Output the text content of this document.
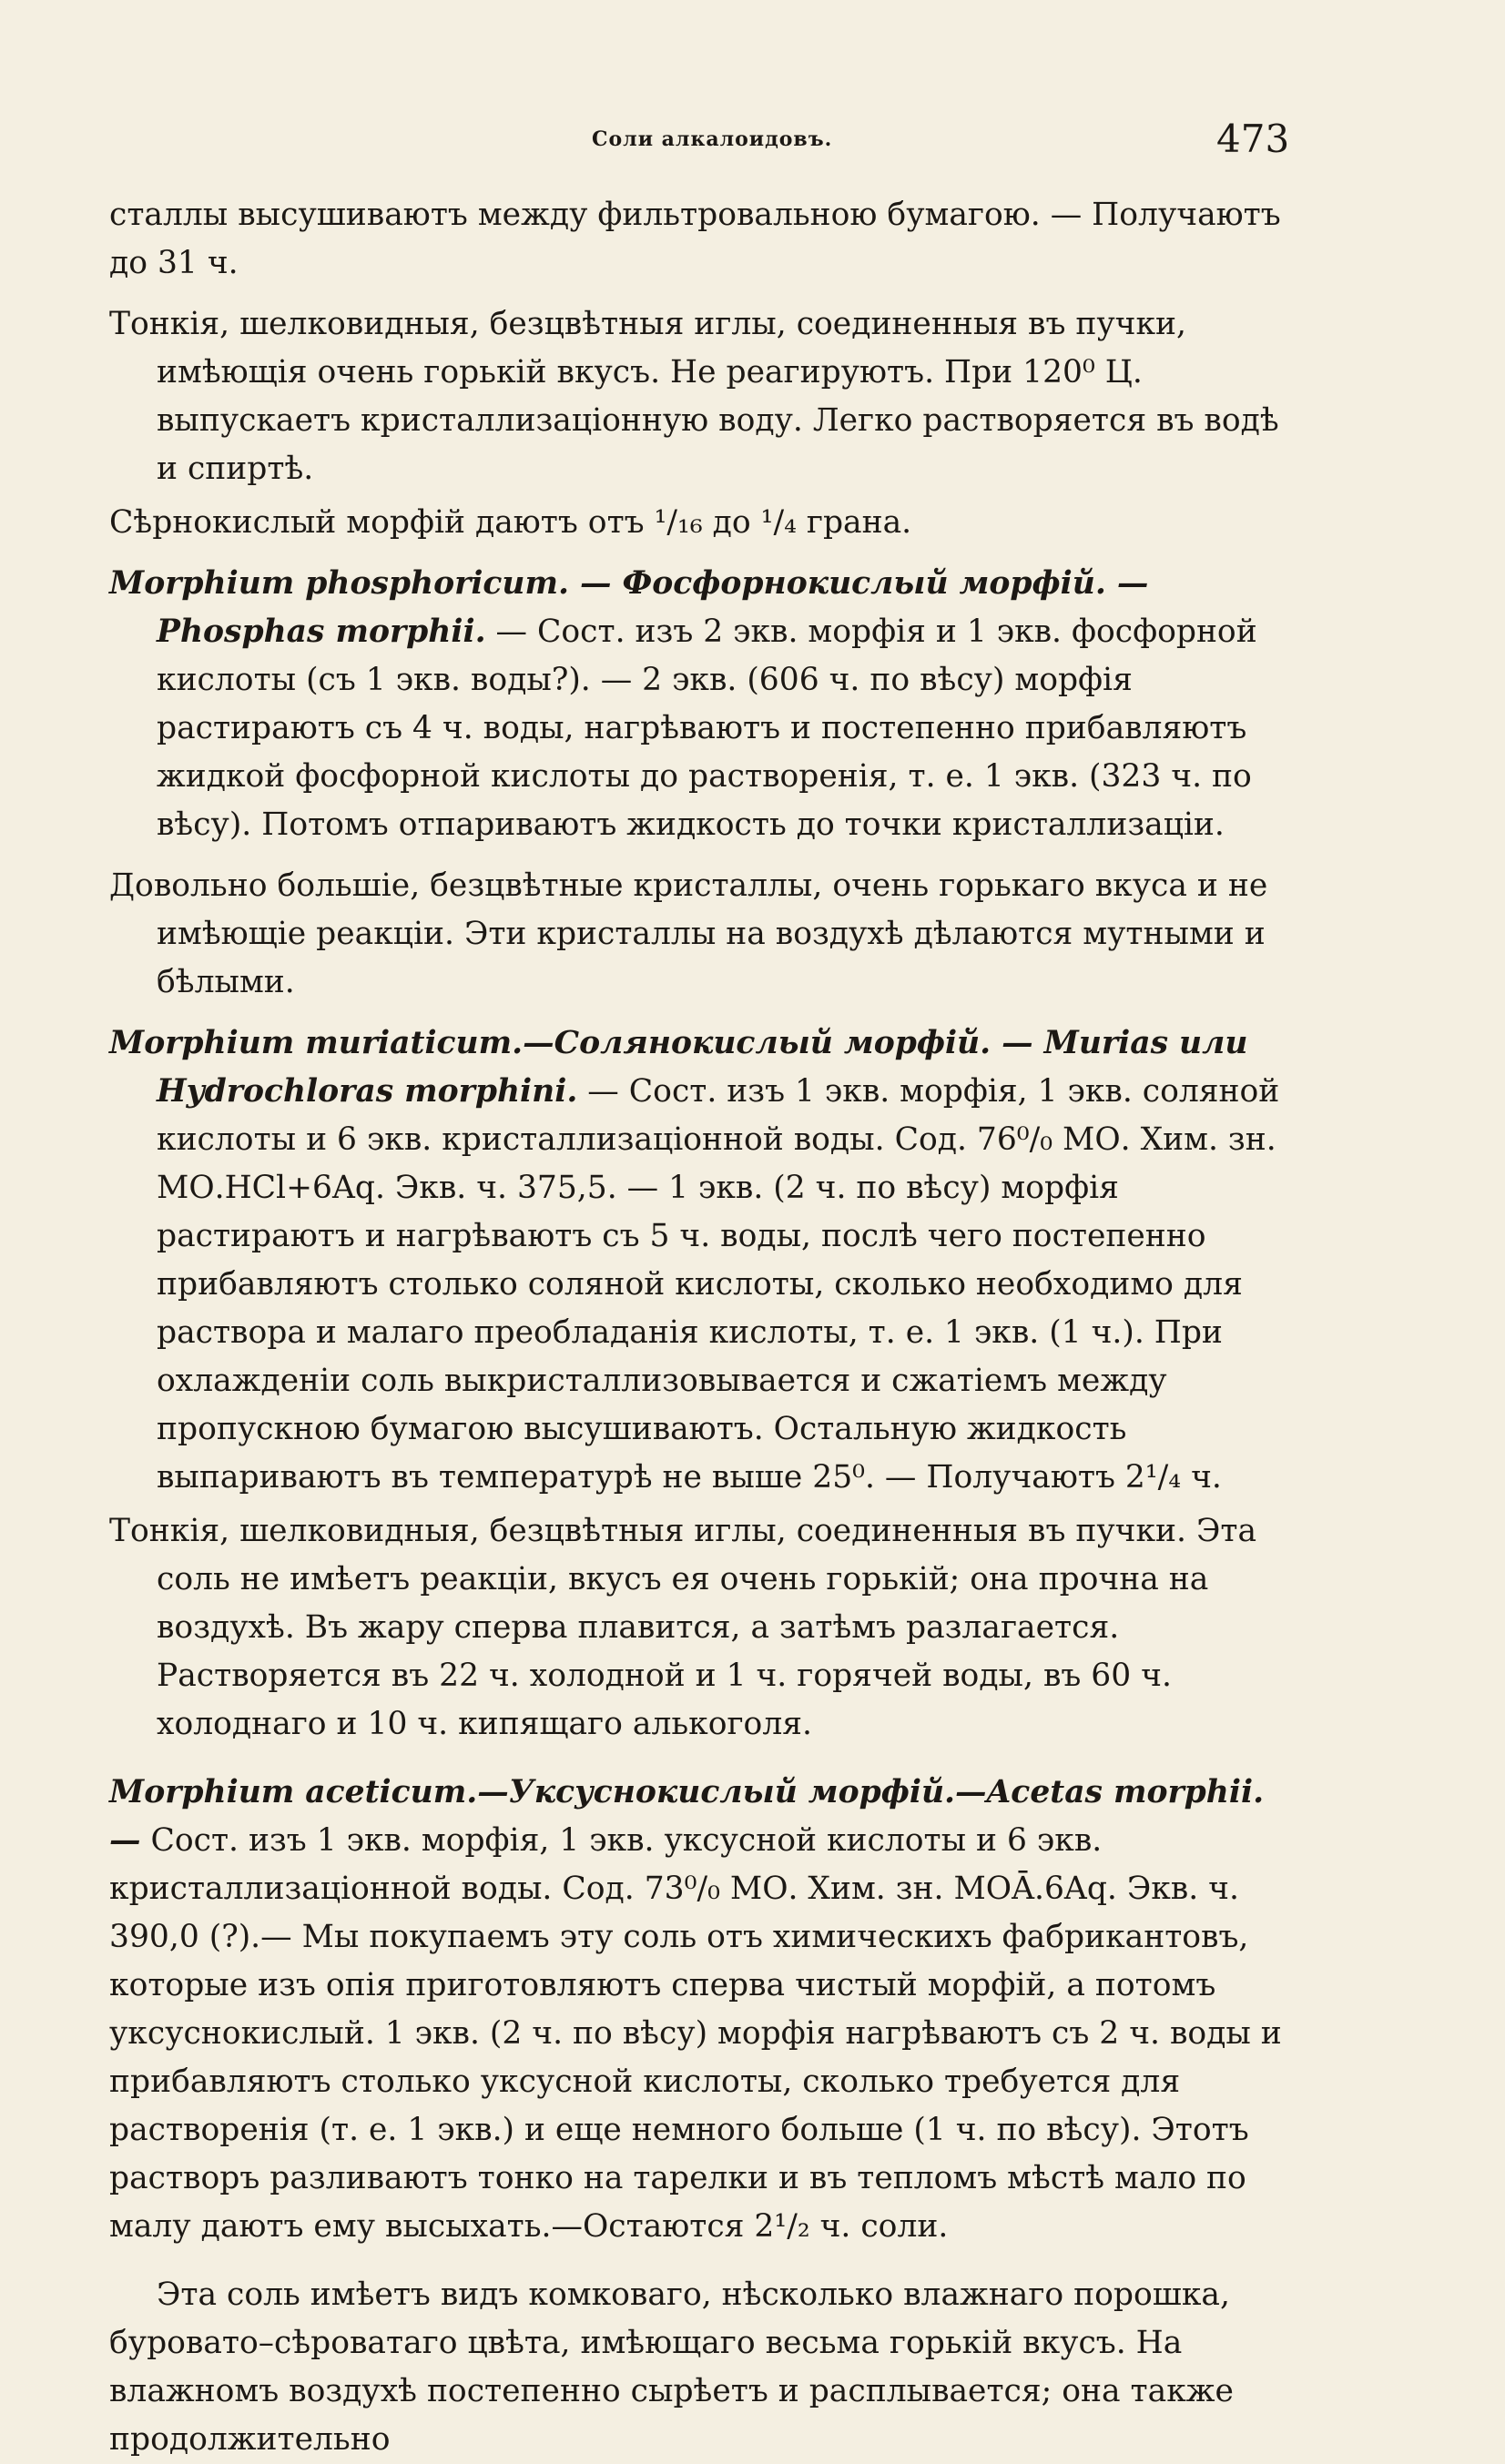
Соли алкалоидовъ.	473

сталлы высушиваютъ между фильтровальною бумагою. — Получаютъ до 31 ч.

Тонкія, шелковидныя, безцвѣтныя иглы, соединенныя въ пучки, имѣющія очень горькій вкусъ. Не реагируютъ. При 120⁰ Ц. выпускаетъ кристаллизаціонную воду. Легко растворяется въ водѣ и спиртѣ.

Сѣрнокислый морфій даютъ отъ ¹/₁₆ до ¹/₄ грана.

Morphium phosphoricum. — Фосфорнокислый морфій. — Phosphas morphii. — Сост. изъ 2 экв. морфія и 1 экв. фосфорной кислоты (съ 1 экв. воды?). — 2 экв. (606 ч. по вѣсу) морфія растираютъ съ 4 ч. воды, нагрѣваютъ и постепенно прибавляютъ жидкой фосфорной кислоты до растворенія, т. е. 1 экв. (323 ч. по вѣсу). Потомъ отпариваютъ жидкость до точки кристаллизаціи.

Довольно большіе, безцвѣтные кристаллы, очень горькаго вкуса и не имѣющіе реакціи. Эти кристаллы на воздухѣ дѣлаются мутными и бѣлыми.

Morphium muriaticum.—Солянокислый морфій. — Murias или Hydrochloras morphini. — Сост. изъ 1 экв. морфія, 1 экв. соляной кислоты и 6 экв. кристаллизаціонной воды. Сод. 76⁰/₀ МО. Хим. зн. МО.HCl+6Aq. Экв. ч. 375,5. — 1 экв. (2 ч. по вѣсу) морфія растираютъ и нагрѣваютъ съ 5 ч. воды, послѣ чего постепенно прибавляютъ столько соляной кислоты, сколько необходимо для раствора и малаго преобладанія кислоты, т. е. 1 экв. (1 ч.). При охлажденіи соль выкристаллизовывается и сжатіемъ между пропускною бумагою высушиваютъ. Остальную жидкость выпариваютъ въ температурѣ не выше 25⁰. — Получаютъ 2¹/₄ ч.

Тонкія, шелковидныя, безцвѣтныя иглы, соединенныя въ пучки. Эта соль не имѣетъ реакціи, вкусъ ея очень горькій; она прочна на воздухѣ. Въ жару сперва плавится, а затѣмъ разлагается. Растворяется въ 22 ч. холодной и 1 ч. горячей воды, въ 60 ч. холоднаго и 10 ч. кипящаго алькоголя.

Morphium aceticum.—Уксуснокислый морфій.—Acetas morphii.— Сост. изъ 1 экв. морфія, 1 экв. уксусной кислоты и 6 экв. кристаллизаціонной воды. Сод. 73⁰/₀ МО. Хим. зн. МОĀ.6Aq. Экв. ч. 390,0 (?).— Мы покупаемъ эту соль отъ химическихъ фабрикантовъ, которые изъ опія приготовляютъ сперва чистый морфій, а потомъ уксуснокислый. 1 экв. (2 ч. по вѣсу) морфія нагрѣваютъ съ 2 ч. воды и прибавляютъ столько уксусной кислоты, сколько требуется для растворенія (т. е. 1 экв.) и еще немного больше (1 ч. по вѣсу). Этотъ растворъ разливаютъ тонко на тарелки и въ тепломъ мѣстѣ мало по малу даютъ ему высыхать.—Остаются 2¹/₂ ч. соли.

Эта соль имѣетъ видъ комковаго, нѣсколько влажнаго порошка, буровато–сѣроватаго цвѣта, имѣющаго весьма горькій вкусъ. На влажномъ воздухѣ постепенно сырѣетъ и расплывается; она также продолжительно
